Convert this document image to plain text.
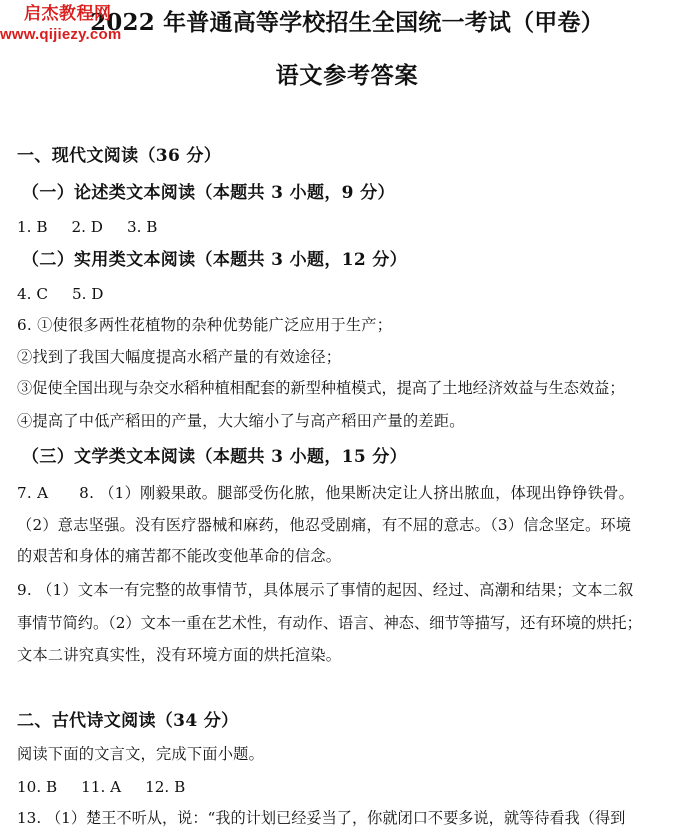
启杰教程网
www.qijiezy.com
2022 年普通高等学校招生全国统一考试（甲卷）
语文参考答案
一、现代文阅读（36 分）
（一）论述类文本阅读（本题共 3 小题，9 分）
1. B 2. D 3. B
（二）实用类文本阅读（本题共 3 小题，12 分）
4. C 5. D
6. ①使很多两性花植物的杂种优势能广泛应用于生产；
②找到了我国大幅度提高水稻产量的有效途径；
③促使全国出现与杂交水稻种植相配套的新型种植模式，提高了土地经济效益与生态效益；
④提高了中低产稻田的产量，大大缩小了与高产稻田产量的差距。
（三）文学类文本阅读（本题共 3 小题，15 分）
7. A　　8. （1）刚毅果敢。腿部受伤化脓，他果断决定让人挤出脓血，体现出铮铮铁骨。
（2）意志坚强。没有医疗器械和麻药，他忍受剧痛，有不屈的意志。（3）信念坚定。环境
的艰苦和身体的痛苦都不能改变他革命的信念。
9. （1）文本一有完整的故事情节，具体展示了事情的起因、经过、高潮和结果；文本二叙
事情节简约。（2）文本一重在艺术性，有动作、语言、神态、细节等描写，还有环境的烘托；
文本二讲究真实性，没有环境方面的烘托渲染。
二、古代诗文阅读（34 分）
阅读下面的文言文，完成下面小题。
10. B 11. A 12. B
13. （1）楚王不听从，说：“我的计划已经妥当了，你就闭口不要多说，就等待看我（得到
